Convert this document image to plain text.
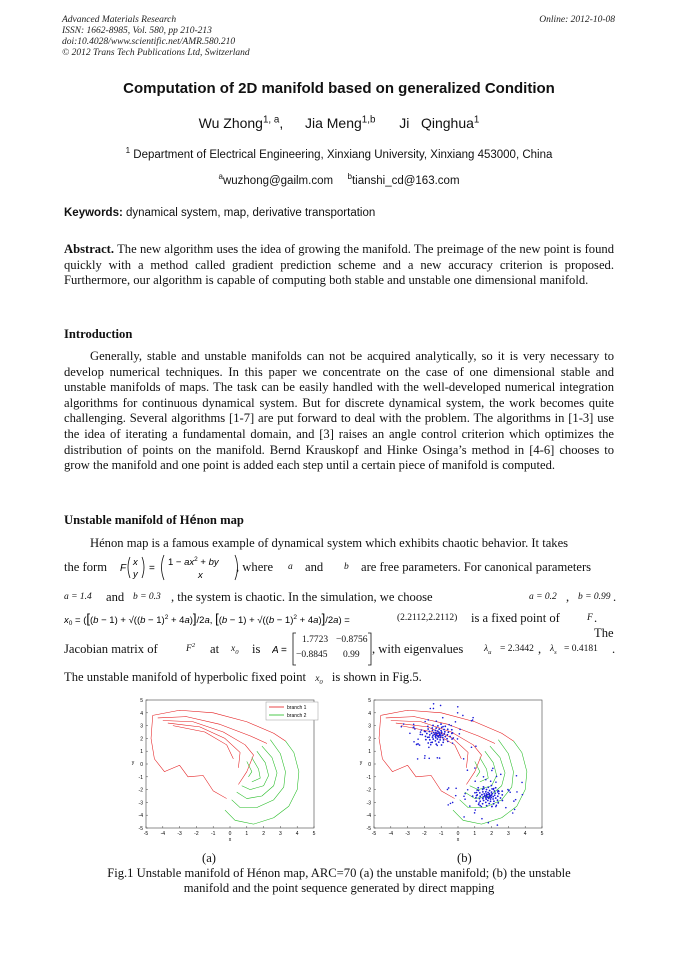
Advanced Materials Research
ISSN: 1662-8985, Vol. 580, pp 210-213
doi:10.4028/www.scientific.net/AMR.580.210
© 2012 Trans Tech Publications Ltd, Switzerland
Online: 2012-10-08
Computation of 2D manifold based on generalized Condition
Wu Zhong$^{1, a}$, Jia Meng$^{1,b}$ Ji   Qinghua$^1$
$^1$ Department of Electrical Engineering, Xinxiang University, Xinxiang 453000, China
$^a$wuzhong@gailm.com $^b$tianshi_cd@163.com
Keywords: dynamical system, map, derivative transportation
Abstract. The new algorithm uses the idea of growing the manifold. The preimage of the new point is found quickly with a method called gradient prediction scheme and a new accuracy criterion is proposed. Furthermore, our algorithm is capable of computing both stable and unstable one dimensional manifold.
Introduction
Generally, stable and unstable manifolds can not be acquired analytically, so it is very necessary to develop numerical techniques. In this paper we concentrate on the case of one dimensional stable and unstable manifolds of maps. The task can be easily handled with the well-developed numerical integration algorithms for continuous dynamical system. But for discrete dynamical system, the work becomes quite challenging. Several algorithms [1-7] are put forward to deal with the problem. The algorithms in [1-3] use the idea of iterating a fundamental domain, and [3] raises an angle control criterion which optimizes the distribution of points on the manifold. Bernd Krauskopf and Hinke Osinga’s method in [4-6] chooses to grow the manifold and one point is added each step until a certain piece of manifold is computed.
Unstable manifold of Hénon map
Hénon map is a famous example of dynamical system which exhibits chaotic behavior. It takes
the form F
x
y
=
$1 - ax^2$ + by
x
, where a and b are free parameters. For canonical parameters
a = 1.4 and b = 0.3 , the system is chaotic. In the simulation, we choose	a = 0.2 , b = 0.99 .
$x_0 = ([(b - 1) + √((b - 1)^2 + 4a)]/2a$, $[(b - 1) + √((b - 1)^2 + 4a)]/2a$) =	(2.2112,2.2112) is a fixed point of	F . The
Jacobian matrix of	$F^2$ at $x_0$ is A =
1.7723 −0.8756
−0.8845 0.99 , with eigenvalues $\lambda_u = 2.3442$ , $\lambda_s = 0.4181$ .
The unstable manifold of hyperbolic fixed point $x_0$ is shown in Fig.5.
-5 -4 -3 -2 -1	0	1	2	3	4	5
5
4
3
2
1
0
-1
-2
-3
-4
-5
x
y
branch 1
branch 2
-5 -4 -3 -2 -1	0	1	2	3	4	5
5
4
3
2
1
0
-1
-2
-3
-4
-5
x
y
(a)	(b)
Fig.1 Unstable manifold of Hénon map, ARC=70 (a) the unstable manifold; (b) the unstable
manifold and the point sequence generated by direct mapping
